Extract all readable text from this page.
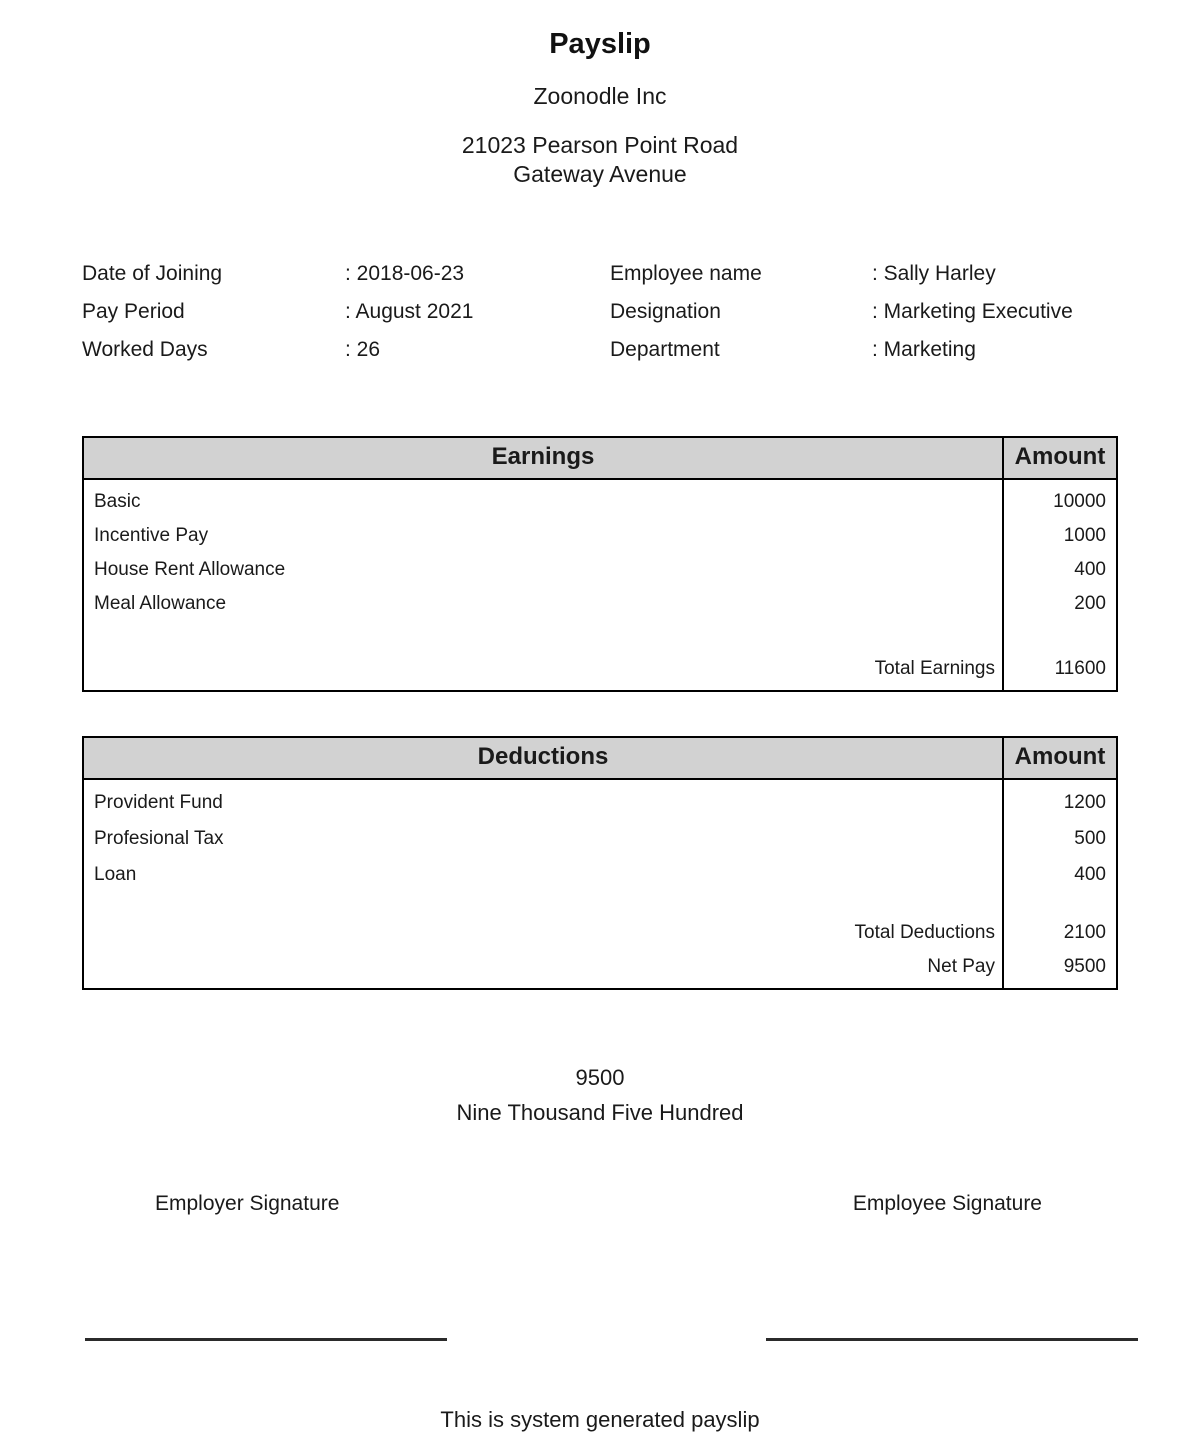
Payslip
Zoonodle Inc
21023 Pearson Point Road
Gateway Avenue
Date of Joining	: 2018-06-23
Pay Period	: August 2021
Worked Days	: 26
Employee name	: Sally Harley
Designation	: Marketing Executive
Department	: Marketing
Earnings	Amount
Basic	10000
Incentive Pay	1000
House Rent Allowance	400
Meal Allowance	200
Total Earnings	11600
Deductions	Amount
Provident Fund	1200
Profesional Tax	500
Loan	400
Total Deductions	2100
Net Pay	9500
9500
Nine Thousand Five Hundred
Employer Signature	Employee Signature
This is system generated payslip
